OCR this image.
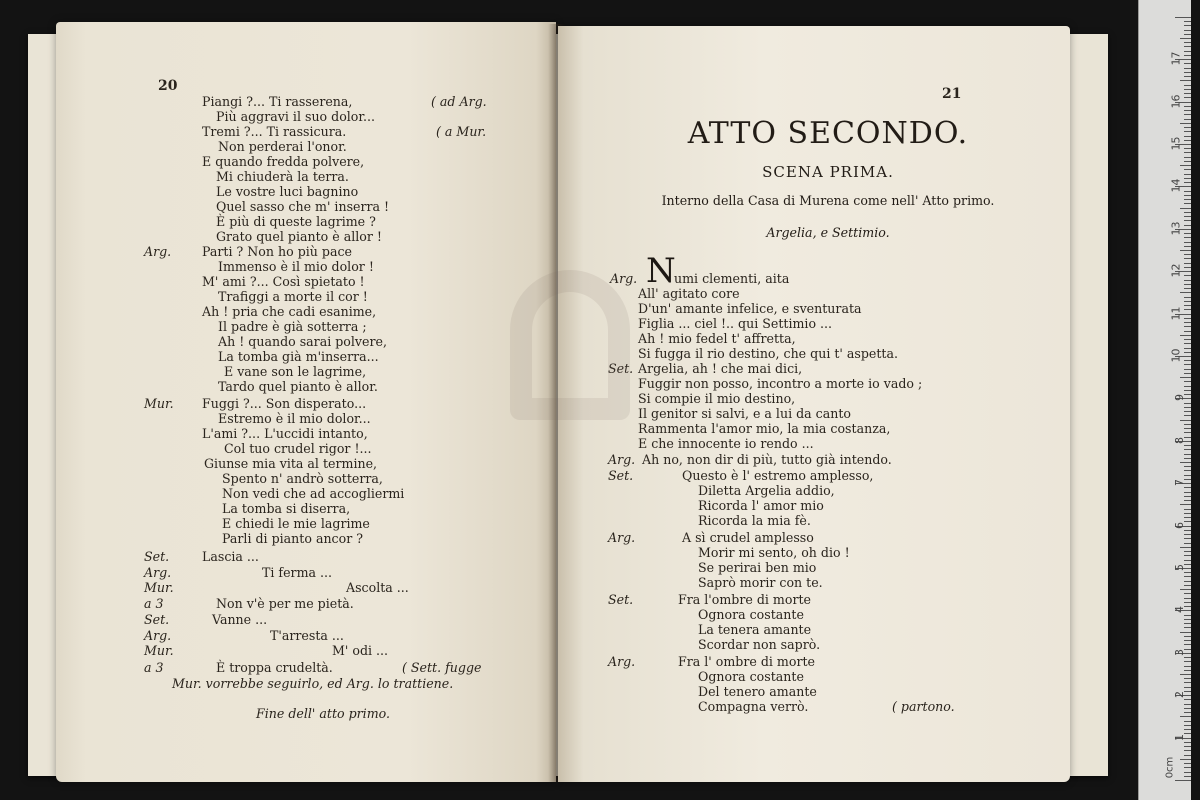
20
Piangi ?... Ti rasserena,	( ad Arg.
Più aggravi il suo dolor...
Tremi ?... Ti rassicura.	( a Mur.
Non perderai l'onor.
E quando fredda polvere,
Mi chiuderà la terra.
Le vostre luci bagnino
Quel sasso che m' inserra !
È più di queste lagrime ?
Grato quel pianto è allor !
Arg. Parti ? Non ho più pace
Immenso è il mio dolor !
M' ami ?... Così spietato !
Trafiggi a morte il cor !
Ah ! pria che cadi esanime,
Il padre è già sotterra ;
Ah ! quando sarai polvere,
La tomba già m'inserra...
E vane son le lagrime,
Tardo quel pianto è allor.
Mur. Fuggi ?... Son disperato...
Estremo è il mio dolor...
L'ami ?... L'uccidi intanto,
Col tuo crudel rigor !...
Giunse mia vita al termine,
Spento n' andrò sotterra,
Non vedi che ad accogliermi
La tomba si diserra,
E chiedi le mie lagrime
Parli di pianto ancor ?
Set.	Lascia ...
Arg.	Ti ferma ...
Mur.	Ascolta ...
a 3	Non v'è per me pietà.
Set.	Vanne ...
Arg.	T'arresta ...
Mur.	M' odi ...
a 3	È troppa crudeltà.	( Sett. fugge
Mur. vorrebbe seguirlo, ed Arg. lo trattiene.
Fine dell' atto primo.
21
ATTO SECONDO.
SCENA PRIMA.
Interno della Casa di Murena come nell' Atto primo.
Argelia, e Settimio.
N
Arg.	umi clementi, aita
All' agitato core
D'un' amante infelice, e sventurata
Figlia ... ciel !.. qui Settimio ...
Ah ! mio fedel t' affretta,
Si fugga il rio destino, che qui t' aspetta.
Set. Argelia, ah ! che mai dici,
Fuggir non posso, incontro a morte io vado ;
Si compie il mio destino,
Il genitor si salvi, e a lui da canto
Rammenta l'amor mio, la mia costanza,
E che innocente io rendo ...
Arg. Ah no, non dir di più, tutto già intendo.
Set.	Questo è l' estremo amplesso,
Diletta Argelia addio,
Ricorda l' amor mio
Ricorda la mia fè.
Arg.	A sì crudel amplesso
Morir mi sento, oh dio !
Se perirai ben mio
Saprò morir con te.
Set.	Fra l'ombre di morte
Ognora costante
La tenera amante
Scordar non saprò.
Arg.	Fra l' ombre di morte
Ognora costante
Del tenero amante
Compagna verrò.	( partono.
1
2
3
4
5
6
7
8
9
10
11
12
13
14
15
16
17
0cm
